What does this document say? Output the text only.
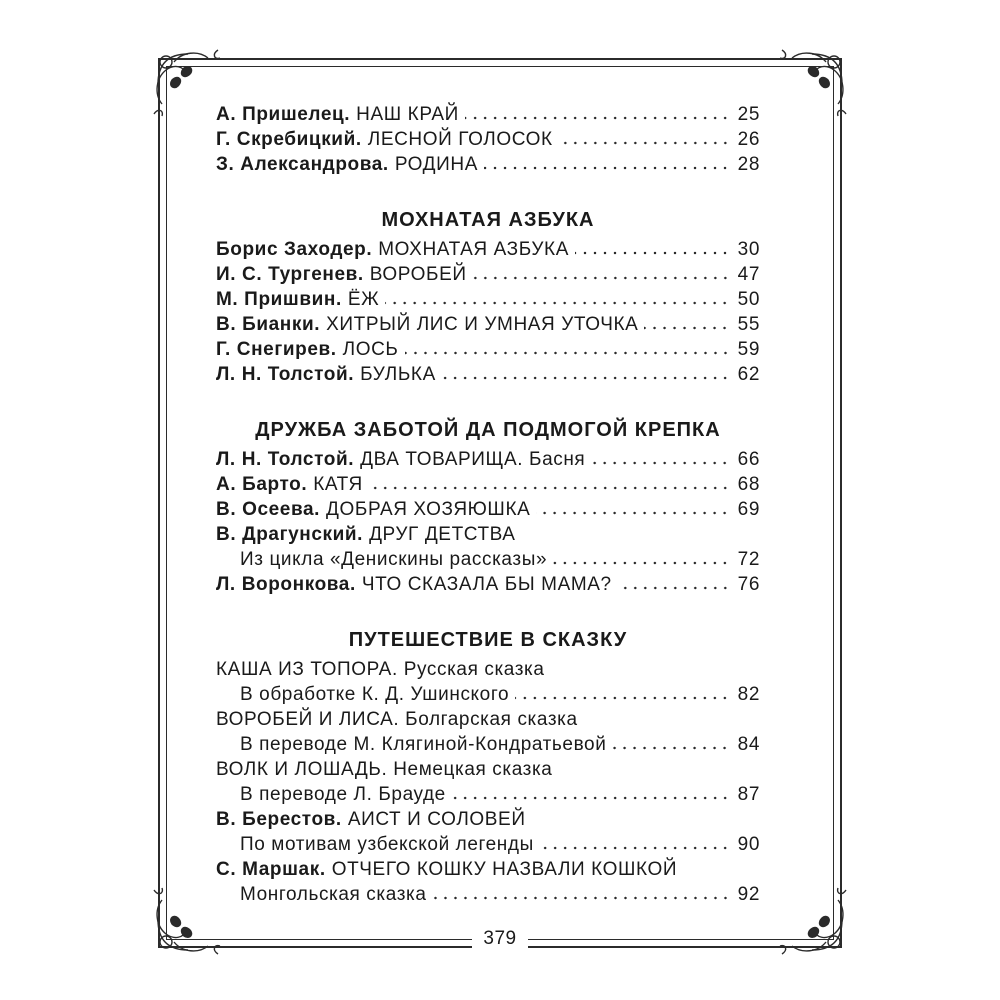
А. Пришелец. НАШ КРАЙ	25
Г. Скребицкий. ЛЕСНОЙ ГОЛОСОК	26
З. Александрова. РОДИНА	28
МОХНАТАЯ АЗБУКА
Борис Заходер. МОХНАТАЯ АЗБУКА	30
И. С. Тургенев. ВОРОБЕЙ	47
М. Пришвин. ЁЖ	50
В. Бианки. ХИТРЫЙ ЛИС И УМНАЯ УТОЧКА	55
Г. Снегирев. ЛОСЬ	59
Л. Н. Толстой. БУЛЬКА	62
ДРУЖБА ЗАБОТОЙ ДА ПОДМОГОЙ КРЕПКА
Л. Н. Толстой. ДВА ТОВАРИЩА. Басня	66
А. Барто. КАТЯ	68
В. Осеева. ДОБРАЯ ХОЗЯЮШКА	69
В. Драгунский. ДРУГ ДЕТСТВА
Из цикла «Денискины рассказы»	72
Л. Воронкова. ЧТО СКАЗАЛА БЫ МАМА?	76
ПУТЕШЕСТВИЕ В СКАЗКУ
КАША ИЗ ТОПОРА. Русская сказка
В обработке К. Д. Ушинского	82
ВОРОБЕЙ И ЛИСА. Болгарская сказка
В переводе М. Клягиной-Кондратьевой	84
ВОЛК И ЛОШАДЬ. Немецкая сказка
В переводе Л. Брауде	87
В. Берестов. АИСТ И СОЛОВЕЙ
По мотивам узбекской легенды	90
С. Маршак. ОТЧЕГО КОШКУ НАЗВАЛИ КОШКОЙ
Монгольская сказка	92
379
